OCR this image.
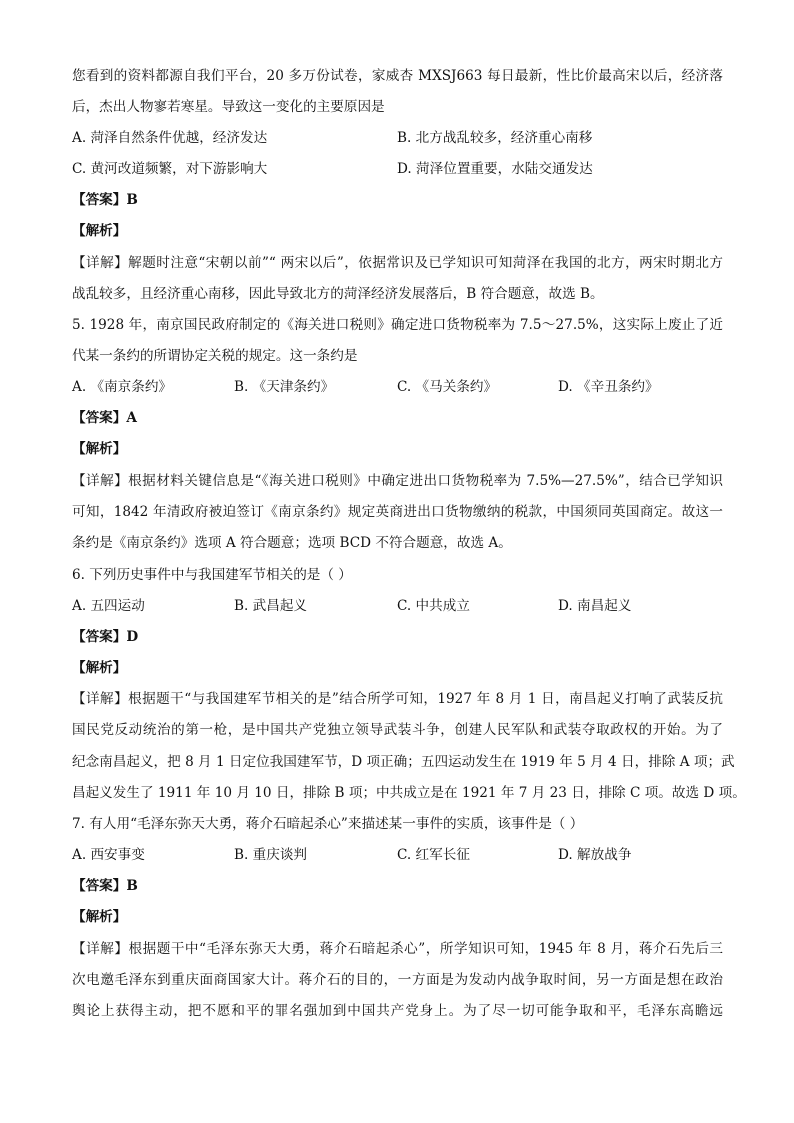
您看到的资料都源自我们平台，20 多万份试卷，家威杏 MXSJ663 每日最新，性比价最高宋以后，经济落
后，杰出人物寥若寒星。导致这一变化的主要原因是
A. 菏泽自然条件优越，经济发达	B. 北方战乱较多，经济重心南移
C. 黄河改道频繁，对下游影响大	D. 菏泽位置重要，水陆交通发达
【答案】B
【解析】
【详解】解题时注意“宋朝以前”“ 两宋以后”，依据常识及已学知识可知菏泽在我国的北方，两宋时期北方
战乱较多，且经济重心南移，因此导致北方的菏泽经济发展落后，B 符合题意，故选 B。
5. 1928 年，南京国民政府制定的《海关进口税则》确定进口货物税率为 7.5～27.5%，这实际上废止了近
代某一条约的所谓协定关税的规定。这一条约是
A. 《南京条约》	B. 《天津条约》	C. 《马关条约》	D. 《辛丑条约》
【答案】A
【解析】
【详解】根据材料关键信息是“《海关进口税则》中确定进出口货物税率为 7.5%—27.5%”，结合已学知识
可知，1842 年清政府被迫签订《南京条约》规定英商进出口货物缴纳的税款，中国须同英国商定。故这一
条约是《南京条约》选项 A 符合题意；选项 BCD 不符合题意，故选 A。
6. 下列历史事件中与我国建军节相关的是（ ）
A. 五四运动	B. 武昌起义	C. 中共成立	D. 南昌起义
【答案】D
【解析】
【详解】根据题干“与我国建军节相关的是”结合所学可知，1927 年 8 月 1 日，南昌起义打响了武装反抗
国民党反动统治的第一枪，是中国共产党独立领导武装斗争，创建人民军队和武装夺取政权的开始。为了
纪念南昌起义，把 8 月 1 日定位我国建军节，D 项正确；五四运动发生在 1919 年 5 月 4 日，排除 A 项；武
昌起义发生了 1911 年 10 月 10 日，排除 B 项；中共成立是在 1921 年 7 月 23 日，排除 C 项。故选 D 项。
7. 有人用“毛泽东弥天大勇，蒋介石暗起杀心”来描述某一事件的实质，该事件是（ ）
A. 西安事变	B. 重庆谈判	C. 红军长征	D. 解放战争
【答案】B
【解析】
【详解】根据题干中“毛泽东弥天大勇，蒋介石暗起杀心”，所学知识可知，1945 年 8 月，蒋介石先后三
次电邀毛泽东到重庆面商国家大计。蒋介石的目的，一方面是为发动内战争取时间，另一方面是想在政治
舆论上获得主动，把不愿和平的罪名强加到中国共产党身上。为了尽一切可能争取和平，毛泽东高瞻远
